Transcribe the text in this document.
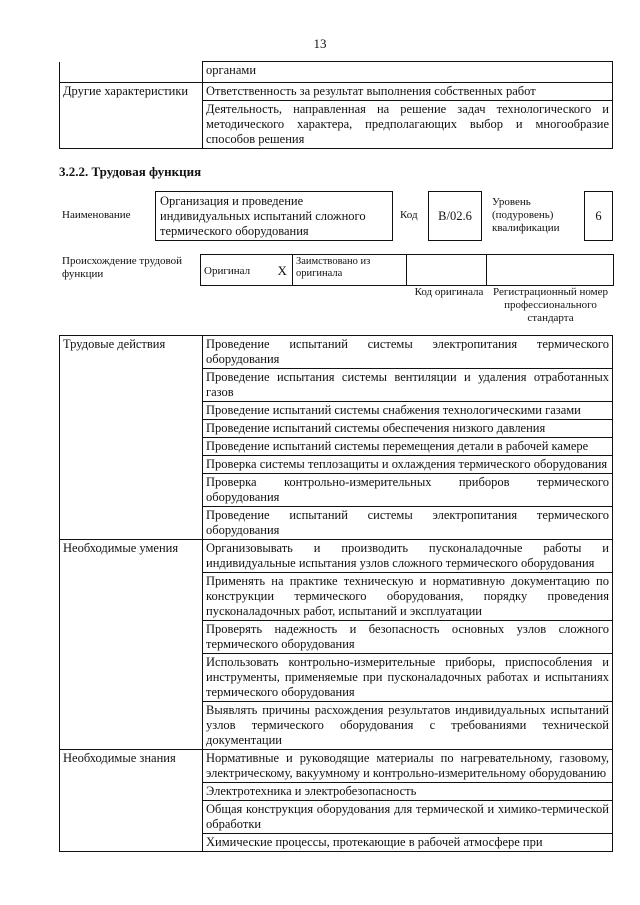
13
	органами
Другие характеристики	Ответственность за результат выполнения собственных работ
	Деятельность, направленная на решение задач технологического и методического характера, предполагающих выбор и многообразие способов решения
3.2.2. Трудовая функция
Наименование
Организация и проведение индивидуальных испытаний сложного термического оборудования
Код	B/02.6
Уровень (подуровень) квалификации
6
Происхождение трудовой функции	Оригинал	X	Заимствовано из оригинала		
Код оригинала Регистрационный номер профессионального стандарта
Трудовые действия	Проведение испытаний системы электропитания термического оборудования
	Проведение испытания системы вентиляции и удаления отработанных газов
	Проведение испытаний системы снабжения технологическими газами
	Проведение испытаний системы обеспечения низкого давления
	Проведение испытаний системы перемещения детали в рабочей камере
	Проверка системы теплозащиты и охлаждения термического оборудования
	Проверка контрольно-измерительных приборов термического оборудования
	Проведение испытаний системы электропитания термического оборудования
Необходимые умения	Организовывать и производить пусконаладочные работы и индивидуальные испытания узлов сложного термического оборудования
	Применять на практике техническую и нормативную документацию по конструкции термического оборудования, порядку проведения пусконаладочных работ, испытаний и эксплуатации
	Проверять надежность и безопасность основных узлов сложного термического оборудования
	Использовать контрольно-измерительные приборы, приспособления и инструменты, применяемые при пусконаладочных работах и испытаниях термического оборудования
	Выявлять причины расхождения результатов индивидуальных испытаний узлов термического оборудования с требованиями технической документации
Необходимые знания	Нормативные и руководящие материалы по нагревательному, газовому, электрическому, вакуумному и контрольно-измерительному оборудованию
	Электротехника и электробезопасность
	Общая конструкция оборудования для термической и химико-термической обработки
	Химические процессы, протекающие в рабочей атмосфере при
